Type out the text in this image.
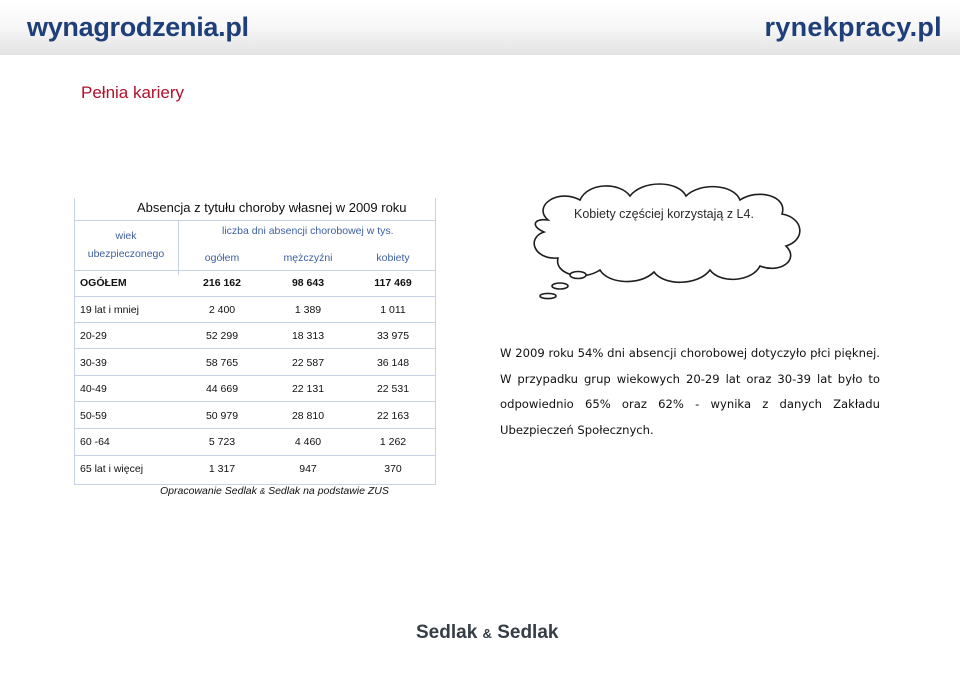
wynagrodzenia.pl	rynekpracy.pl
Pełnia kariery
Absencja z tytułu choroby własnej w 2009 roku
wiek
ubezpieczonego
liczba dni absencji chorobowej w tys.
ogółem	mężczyźni	kobiety
OGÓŁEM	216 162	98 643	117 469
19 lat i mniej	2 400	1 389	1 011
20-29	52 299	18 313	33 975
30-39	58 765	22 587	36 148
40-49	44 669	22 131	22 531
50-59	50 979	28 810	22 163
60 -64	5 723	4 460	1 262
65 lat i więcej	1 317	947	370
Opracowanie Sedlak & Sedlak na podstawie ZUS
Kobiety częściej korzystają z L4.
W 2009 roku 54% dni absencji chorobowej dotyczyło płci pięknej. W przypadku grup wiekowych 20-29 lat oraz 30-39 lat było to odpowiednio 65% oraz 62% - wynika z danych Zakładu Ubezpieczeń Społecznych.
Sedlak & Sedlak
